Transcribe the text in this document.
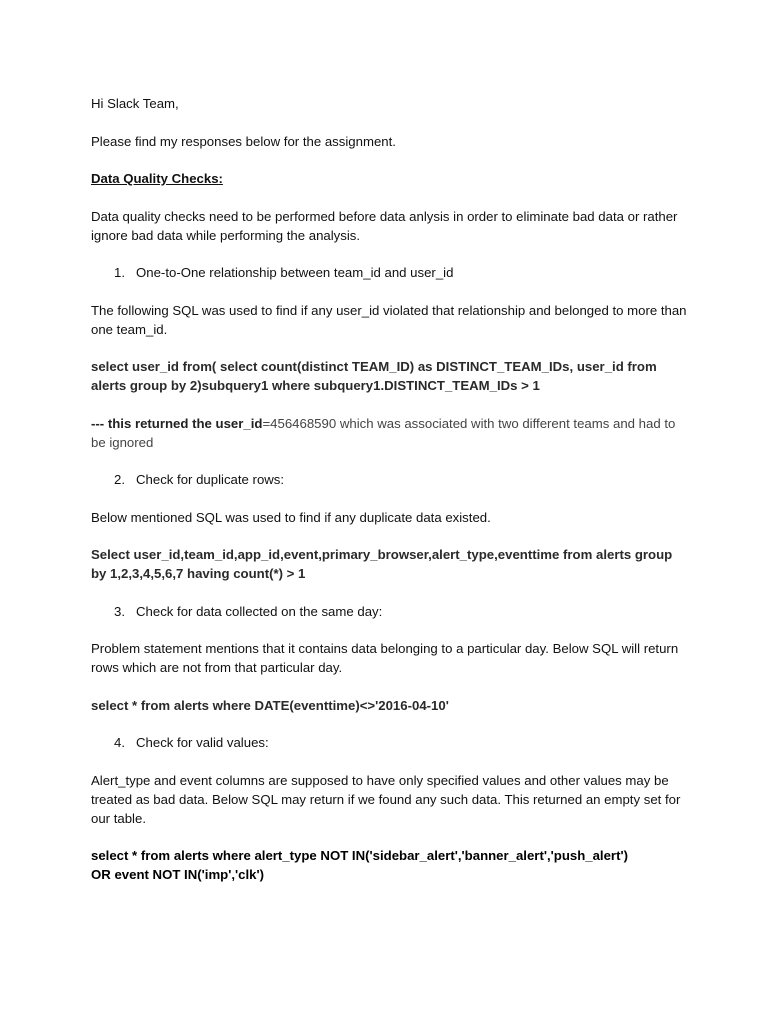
Hi Slack Team,

Please find my responses below for the assignment.

Data Quality Checks:

Data quality checks need to be performed before data anlysis in order to eliminate bad data or rather ignore bad data while performing the analysis.

1. One-to-One relationship between team_id and user_id

The following SQL was used to find if any user_id violated that relationship and belonged to more than one team_id.

select user_id from( select count(distinct TEAM_ID) as DISTINCT_TEAM_IDs, user_id from alerts group by 2)subquery1 where subquery1.DISTINCT_TEAM_IDs > 1

--- this returned the user_id=456468590 which was associated with two different teams and had to be ignored

2. Check for duplicate rows:

Below mentioned SQL was used to find if any duplicate data existed.

Select user_id,team_id,app_id,event,primary_browser,alert_type,eventtime from alerts group by 1,2,3,4,5,6,7 having count(*) > 1

3. Check for data collected on the same day:

Problem statement mentions that it contains data belonging to a particular day. Below SQL will return rows which are not from that particular day.

select * from alerts where DATE(eventtime)<>'2016-04-10'

4. Check for valid values:

Alert_type and event columns are supposed to have only specified values and other values may be treated as bad data. Below SQL may return if we found any such data. This returned an empty set for our table.

select * from alerts where alert_type NOT IN('sidebar_alert','banner_alert','push_alert')
OR event NOT IN('imp','clk')
